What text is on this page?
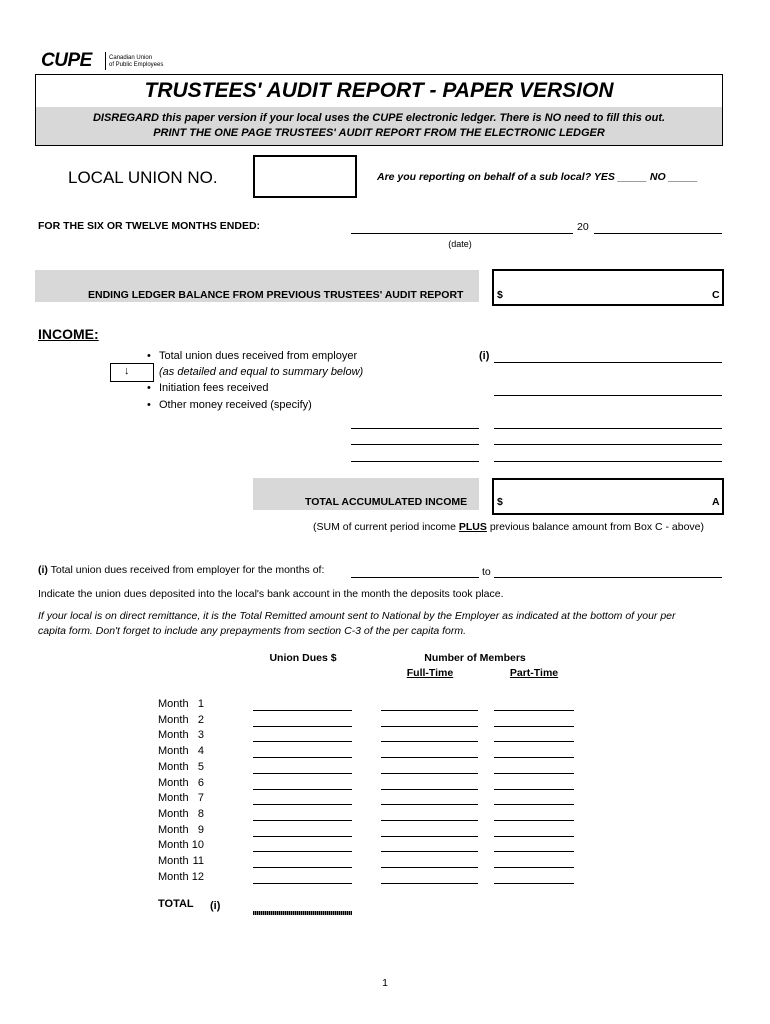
CUPE	Canadian Union
of Public Employees
TRUSTEES' AUDIT REPORT - PAPER VERSION
DISREGARD this paper version if your local uses the CUPE electronic ledger. There is NO need to fill this out.
PRINT THE ONE PAGE TRUSTEES' AUDIT REPORT FROM THE ELECTRONIC LEDGER
LOCAL UNION NO.	Are you reporting on behalf of a sub local? YES _____ NO _____
FOR THE SIX OR TWELVE MONTHS ENDED:	20
(date)
ENDING LEDGER BALANCE FROM PREVIOUS TRUSTEES' AUDIT REPORT	$	C
INCOME:
• Total union dues received from employer	(i)
↓	(as detailed and equal to summary below)
• Initiation fees received
• Other money received (specify)
TOTAL ACCUMULATED INCOME	$	A
(SUM of current period income PLUS previous balance amount from Box C - above)
(i) Total union dues received from employer for the months of:	to
Indicate the union dues deposited into the local's bank account in the month the deposits took place.
If your local is on direct remittance, it is the Total Remitted amount sent to National by the Employer as indicated at the bottom of your per
capita form. Don't forget to include any prepayments from section C-3 of the per capita form.
Union Dues $	Number of Members
Full-Time	Part-Time
Month 1
Month 2
Month 3
Month 4
Month 5
Month 6
Month 7
Month 8
Month 9
Month 10
Month 11
Month 12
TOTAL (i)
1
